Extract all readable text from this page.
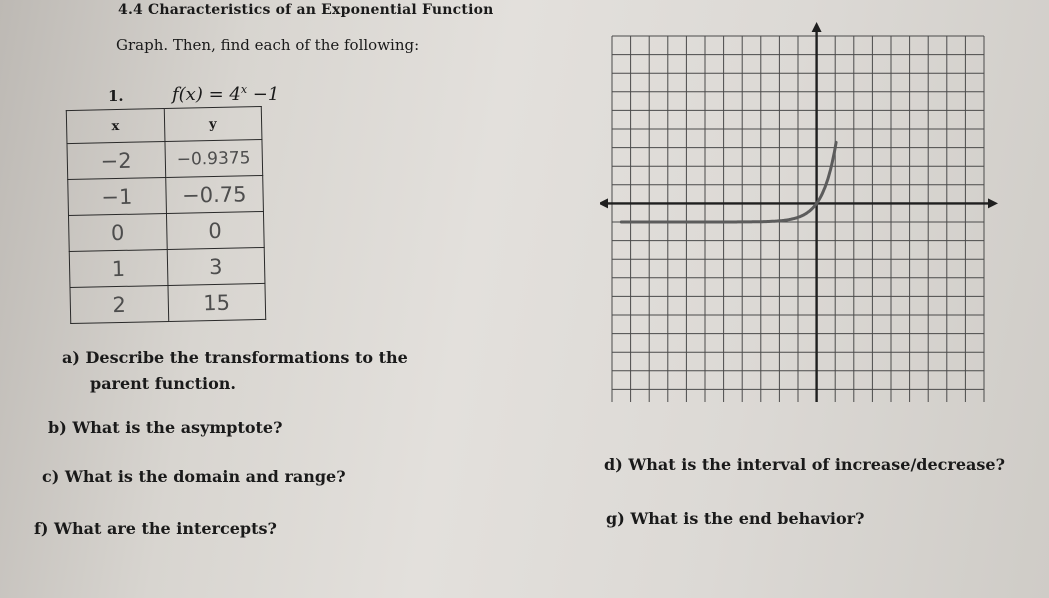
4.4 Characteristics of an Exponential Function
Graph. Then, find each of the following:
1.	$f(x) = 4^x -1$
x	y
−2	−0.9375
−1	−0.75
0	0
1	3
2	15
a) Describe the transformations to the
parent function.
b) What is the asymptote?
c) What is the domain and range?
d) What is the interval of increase/decrease?
f) What are the intercepts?
g) What is the end behavior?
